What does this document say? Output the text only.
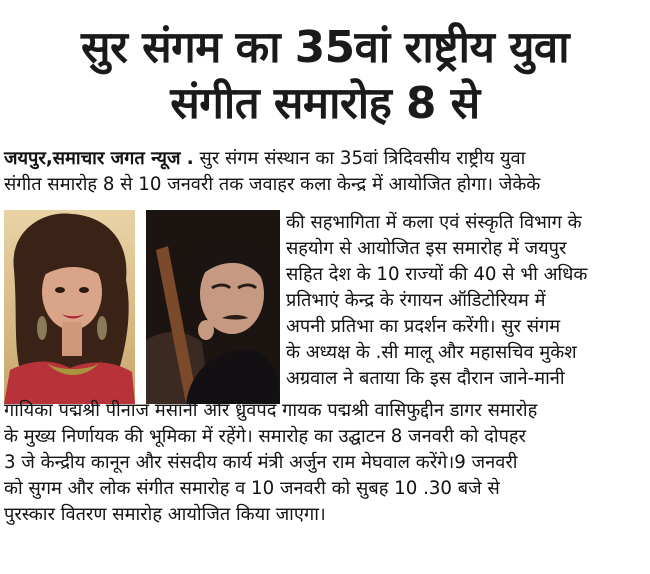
सुर संगम का 35वां राष्ट्रीय युवा
संगीत समारोह 8 से
जयपुर,समाचार जगत न्यूज . सुर संगम संस्थान का 35वां त्रिदिवसीय राष्ट्रीय युवा
संगीत समारोह 8 से 10 जनवरी तक जवाहर कला केन्द्र में आयोजित होगा। जेकेके
की सहभागिता में कला एवं संस्कृति विभाग के
सहयोग से आयोजित इस समारोह में जयपुर
सहित देश के 10 राज्यों की 40 से भी अधिक
प्रतिभाएं केन्द्र के रंगायन ऑडिटोरियम में
अपनी प्रतिभा का प्रदर्शन करेंगी। सुर संगम
के अध्यक्ष के .सी मालू और महासचिव मुकेश
अग्रवाल ने बताया कि इस दौरान जाने-मानी
गायिका पद्मश्री पीनाज मसानी और ध्रुवपद गायक पद्मश्री वासिफुद्दीन डागर समारोह
के मुख्य निर्णायक की भूमिका में रहेंगे। समारोह का उद्घाटन 8 जनवरी को दोपहर
3 जे केन्द्रीय कानून और संसदीय कार्य मंत्री अर्जुन राम मेघवाल करेंगे।9 जनवरी
को सुगम और लोक संगीत समारोह व 10 जनवरी को सुबह 10 .30 बजे से
पुरस्कार वितरण समारोह आयोजित किया जाएगा।
